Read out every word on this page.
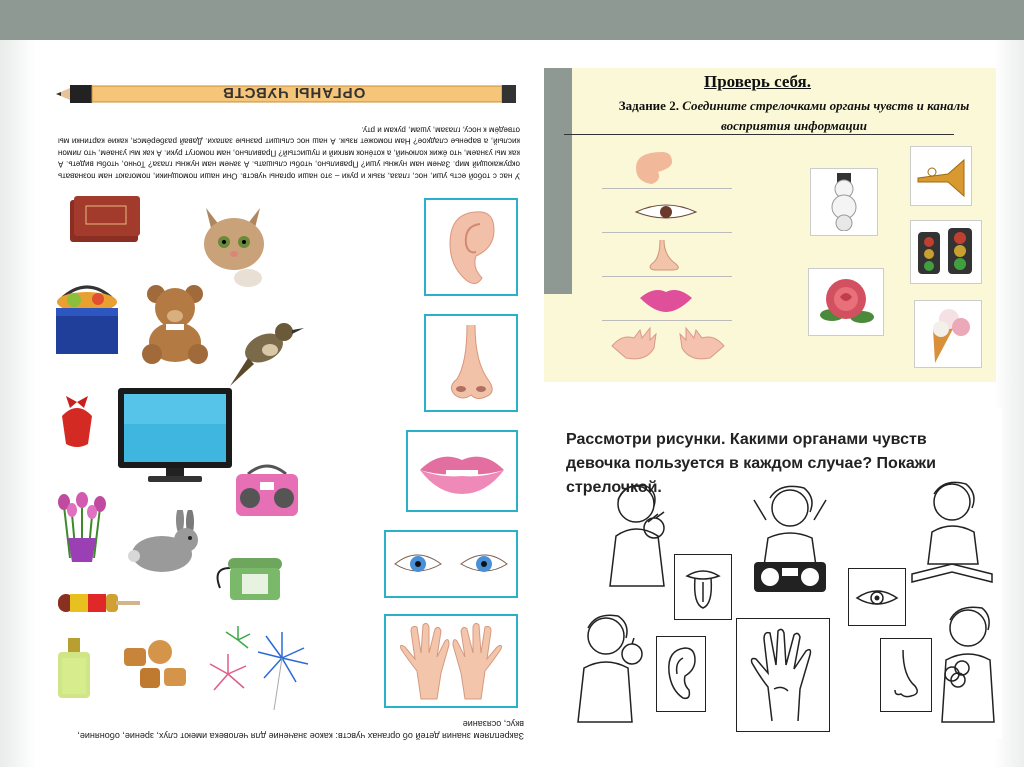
ОРГАНЫ ЧУВСТВ
У нас с тобой есть уши, нос, глаза, язык и руки – это наши органы чувств. Они наши помощники, помогают нам познавать окружающий мир. Зачем нам нужны уши? Правильно, чтобы слышать. А зачем нам нужны глаза? Точно, чтобы видеть. А как мы узнаем, что ёжик колючий, а котёнок мягкий и пушистый? Правильно, нам помогут руки. А как мы узнаем, что лимон кислый, а варенье сладкое? Нам поможет язык. А наш нос слышит разные запахи. Давай разберёмся, какие картинки мы отведём к носу, глазам, ушам, рукам и рту.
Закрепляем знания детей об органах чувств: какое значение для человека имеют слух, зрение, обоняние, вкус, осязание
Проверь себя.
Задание 2. Соедините стрелочками органы чувств и каналы восприятия информации
Рассмотри рисунки. Какими органами чувств девочка пользуется в каждом случае? Покажи стрелочкой.
